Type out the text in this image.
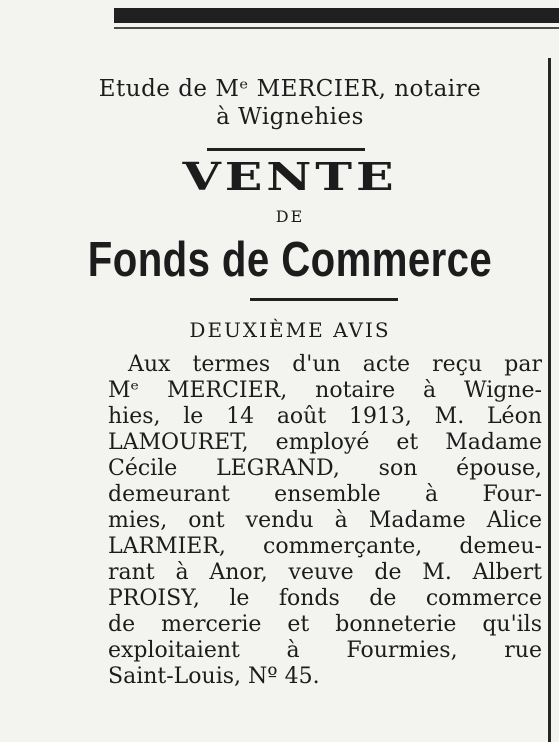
Etude de Mᵉ MERCIER, notaire
à Wignehies
VENTE
DE
Fonds de Commerce
DEUXIÈME AVIS
Aux termes d'un acte reçu par
Mᵉ MERCIER, notaire à Wigne-
hies, le 14 août 1913, M. Léon
LAMOURET, employé et Madame
Cécile LEGRAND, son épouse,
demeurant ensemble à Four-
mies, ont vendu à Madame Alice
LARMIER, commerçante, demeu-
rant à Anor, veuve de M. Albert
PROISY, le fonds de commerce
de mercerie et bonneterie qu'ils
exploitaient à Fourmies, rue
Saint-Louis, Nº 45.
